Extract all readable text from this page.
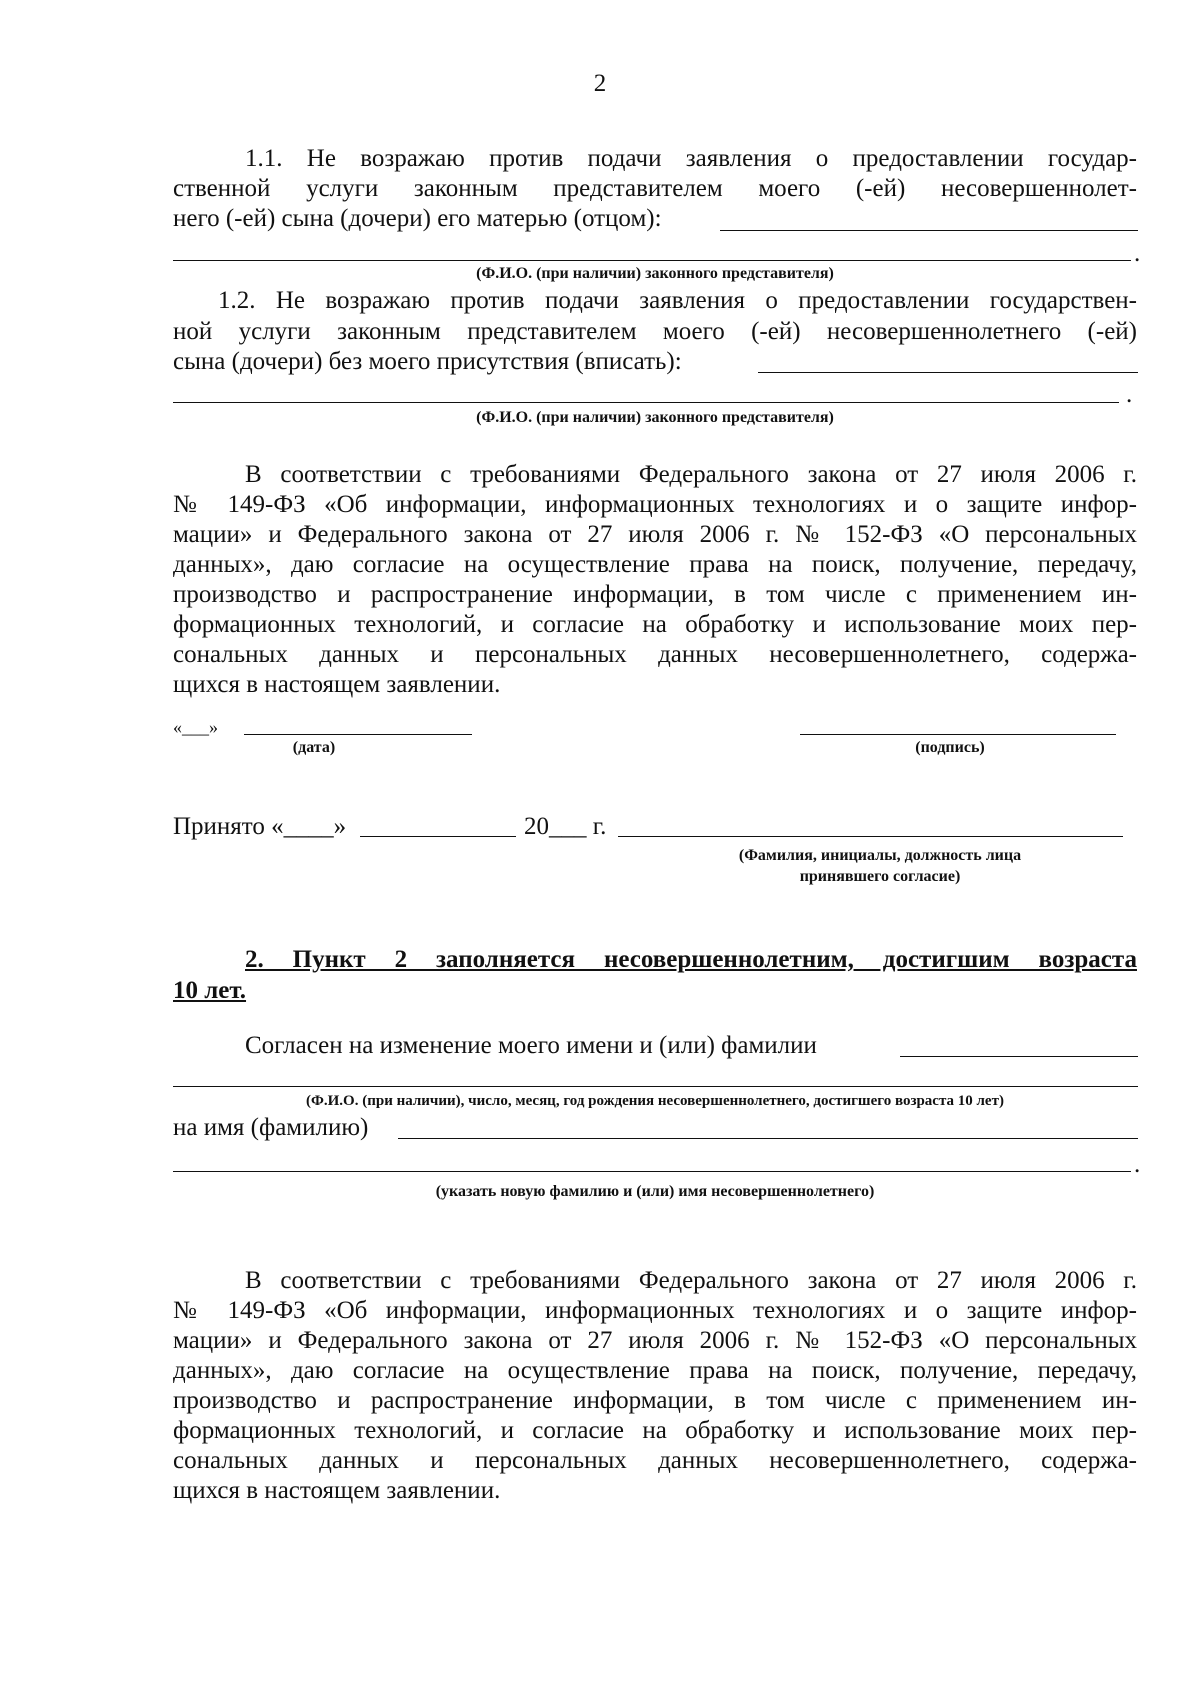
2
1.1. Не возражаю против подачи заявления о предоставлении государ-
ственной услуги законным представителем моего (-ей) несовершеннолет-
него (-ей) сына (дочери) его матерью (отцом):
.
(Ф.И.О. (при наличии) законного представителя)
1.2. Не возражаю против подачи заявления о предоставлении государствен-
ной услуги законным представителем моего (-ей) несовершеннолетнего (-ей)
сына (дочери) без моего присутствия (вписать):
.
(Ф.И.О. (при наличии) законного представителя)
В соответствии с требованиями Федерального закона от 27 июля 2006 г.
№ 149-ФЗ «Об информации, информационных технологиях и о защите инфор-
мации» и Федерального закона от 27 июля 2006 г. № 152-ФЗ «О персональных
данных», даю согласие на осуществление права на поиск, получение, передачу,
производство и распространение информации, в том числе с применением ин-
формационных технологий, и согласие на обработку и использование моих пер-
сональных данных и персональных данных несовершеннолетнего, содержа-
щихся в настоящем заявлении.
«___»
(дата)	(подпись)
Принято «____»	20___ г.
(Фамилия, инициалы, должность лица
принявшего согласие)
2. Пункт 2 заполняется несовершеннолетним, достигшим возраста
10 лет.
Согласен на изменение моего имени и (или) фамилии
(Ф.И.О. (при наличии), число, месяц, год рождения несовершеннолетнего, достигшего возраста 10 лет)
на имя (фамилию)
.
(указать новую фамилию и (или) имя несовершеннолетнего)
В соответствии с требованиями Федерального закона от 27 июля 2006 г.
№ 149-ФЗ «Об информации, информационных технологиях и о защите инфор-
мации» и Федерального закона от 27 июля 2006 г. № 152-ФЗ «О персональных
данных», даю согласие на осуществление права на поиск, получение, передачу,
производство и распространение информации, в том числе с применением ин-
формационных технологий, и согласие на обработку и использование моих пер-
сональных данных и персональных данных несовершеннолетнего, содержа-
щихся в настоящем заявлении.
